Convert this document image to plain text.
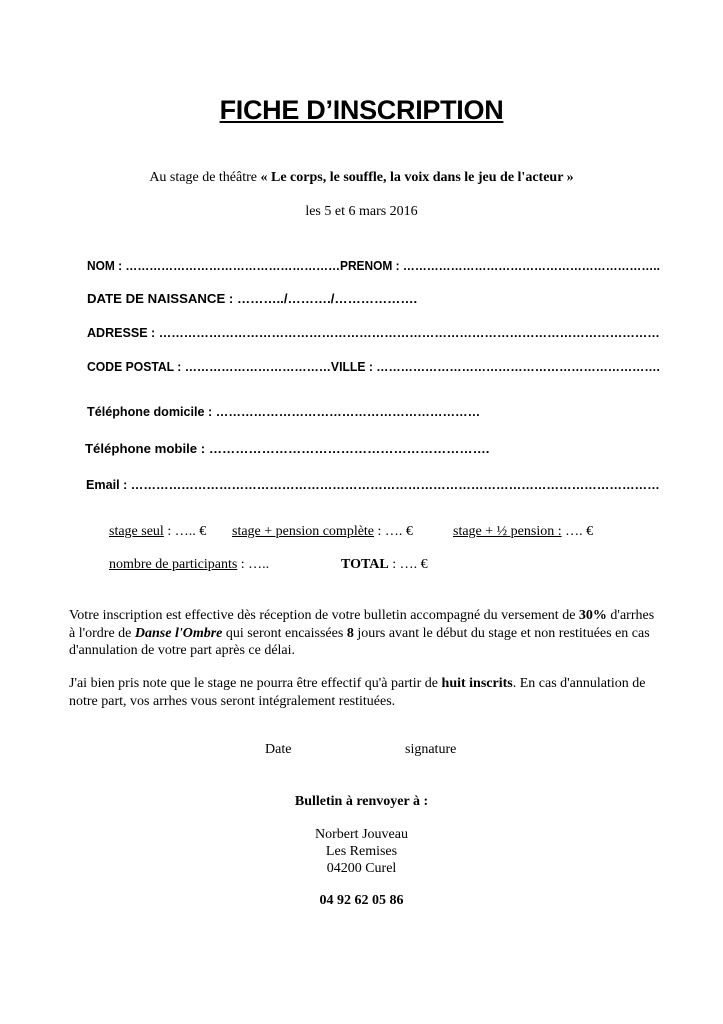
FICHE D’INSCRIPTION
Au stage de théâtre « Le corps, le souffle, la voix dans le jeu de l'acteur »
les 5 et 6 mars 2016
NOM : ………………………………………………PRENOM : ………………………………………………………..
DATE DE NAISSANCE : ………../………./……………….
ADRESSE : …………………………………………………………………………………………………………
CODE POSTAL : ………………………………VILLE : …………………………………………………………….
Téléphone domicile : ………………………………………………………
Téléphone mobile : ……………………………………………………….
Email : ………………………………………………………………………………………………………………
stage seul : ….. € stage + pension complète : …. €	stage + ½ pension : …. €
nombre de participants : …..	TOTAL : …. €
Votre inscription est effective dès réception de votre bulletin accompagné du versement de 30% d'arrhes à l'ordre de Danse l'Ombre qui seront encaissées 8 jours avant le début du stage et non restituées en cas d'annulation de votre part après ce délai.
J'ai bien pris note que le stage ne pourra être effectif qu'à partir de huit inscrits. En cas d'annulation de notre part, vos arrhes vous seront intégralement restituées.
Date	signature
Bulletin à renvoyer à :
Norbert Jouveau
Les Remises
04200 Curel
04 92 62 05 86
